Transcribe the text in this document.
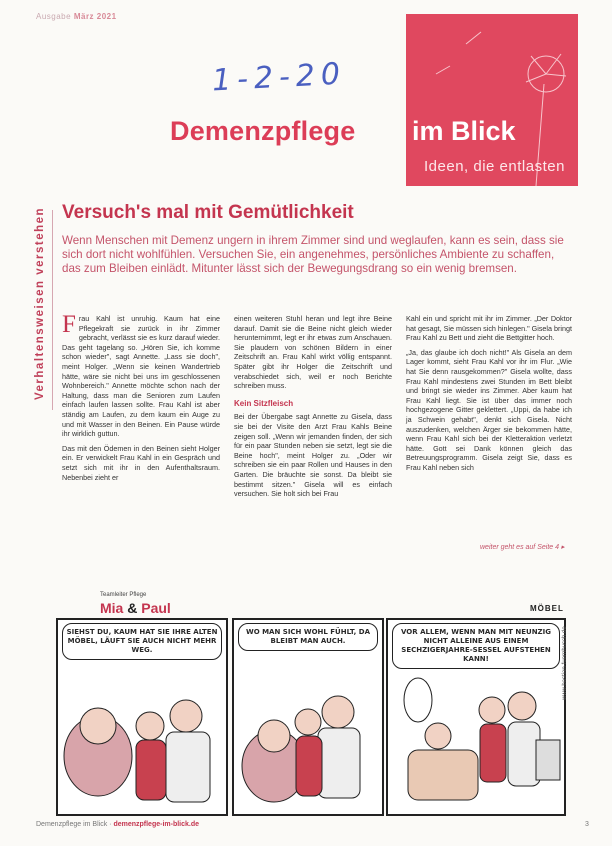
Ausgabe März 2021
1-2-20
Demenzpflege im Blick
Ideen, die entlasten
Verhaltensweisen verstehen Versuch's mal mit Gemütlichkeit
Wenn Menschen mit Demenz ungern in ihrem Zimmer sind und weglaufen, kann es sein, dass sie sich dort nicht wohlfühlen. Versuchen Sie, ein angenehmes, persönliches Ambiente zu schaffen, das zum Bleiben einlädt. Mitunter lässt sich der Bewegungsdrang so ein wenig bremsen.
F rau Kahl ist unruhig. Kaum hat eine Pflegekraft sie zurück in ihr Zimmer gebracht, verlässt sie es kurz darauf wieder. Das geht tagelang so. „Hören Sie, ich komme schon wieder", sagt Annette. „Lass sie doch", meint Holger. „Wenn sie keinen Wandertrieb hätte, wäre sie nicht bei uns im geschlossenen Wohnbereich." Annette möchte schon nach der Haltung, dass man die Senioren zum Laufen einfach laufen lassen sollte. Frau Kahl ist aber ständig am Laufen, zu dem kaum ein Auge zu und mit Wasser in den Beinen. Ein Pause würde ihr wirklich guttun.

Das mit den Ödemen in den Beinen sieht Holger ein. Er verwickelt Frau Kahl in ein Gespräch und setzt sich mit ihr in den Aufenthaltsraum. Nebenbei zieht er

einen weiteren Stuhl heran und legt ihre Beine darauf. Damit sie die Beine nicht gleich wieder herunternimmt, legt er ihr etwas zum Anschauen. Sie plaudern von schönen Bildern in einer Zeitschrift an. Frau Kahl wirkt völlig entspannt. Später gibt ihr Holger die Zeitschrift und verabschiedet sich, weil er noch Berichte schreiben muss.
Kein Sitzfleisch
Bei der Übergabe sagt Annette zu Gisela, dass sie bei der Visite den Arzt Frau Kahls Beine zeigen soll. „Wenn wir jemanden finden, der sich für ein paar Stunden neben sie setzt, legt sie die Beine hoch", meint Holger zu. „Oder wir schreiben sie ein paar Rollen und Hauses in den Garten. Die bräuchte sie sonst. Da bleibt sie bestimmt sitzen." Gisela will es einfach versuchen. Sie holt sich bei Frau
Kahl ein und spricht mit ihr im Zimmer. „Der Doktor hat gesagt, Sie müssen sich hinlegen." Gisela bringt Frau Kahl zu Bett und zieht die Bettgitter hoch.

„Ja, das glaube ich doch nicht!" Als Gisela an dem Lager kommt, sieht Frau Kahl vor ihr im Flur. „Wie hat Sie denn rausgekommen?" Gisela wollte, dass Frau Kahl mindestens zwei Stunden im Bett bleibt und bringt sie wieder ins Zimmer. Aber kaum hat Frau Kahl liegt. Sie ist über das immer noch hochgezogene Gitter geklettert. „Uppi, da habe ich ja Schwein gehabt", denkt sich Gisela. Nicht auszudenken, welchen Ärger sie bekommen hätte, wenn Frau Kahl sich bei der Kletteraktion verletzt hätte. Gott sei Dank können gleich das Betreuungsprogramm. Gisela zeigt Sie, dass es Frau Kahl neben sich

weiter geht es auf Seite 4 ▸
Teamleiter Pflege
Mia & Paul	MÖBEL
SIEHST DU, KAUM HAT SIE IHRE ALTEN MÖBEL, LÄUFT SIE AUCH NICHT MEHR WEG.
WO MAN SICH WOHL FÜHLT, DA BLEIBT MAN AUCH.
VOR ALLEM, WENN MAN MIT NEUNZIG NICHT ALLEINE AUS EINEM SECHZIGERJAHRE-SESSEL AUFSTEHEN KANN!	www.bastian-fuernhusch.de
Demenzpflege im Blick · demenzpflege-im-blick.de	3
